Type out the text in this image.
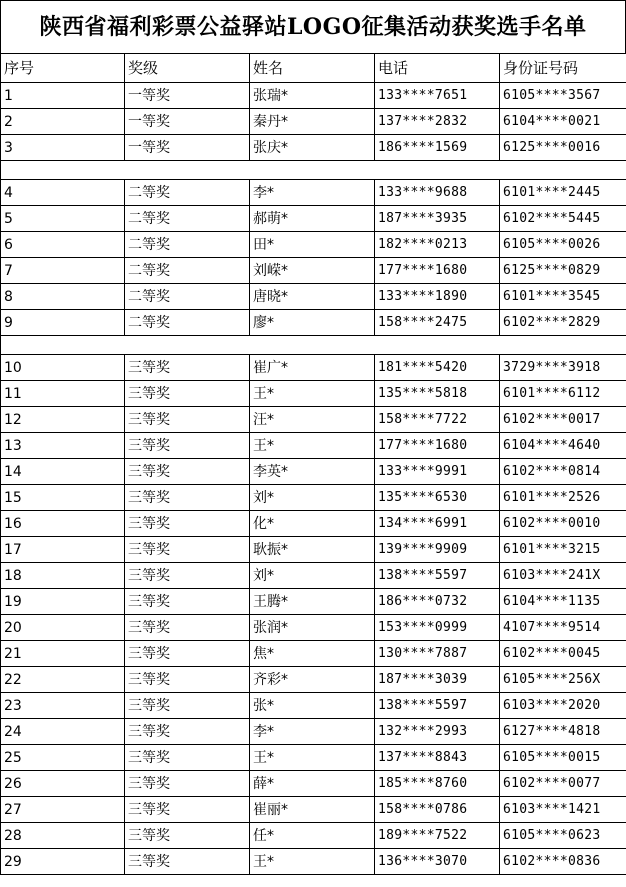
陕西省福利彩票公益驿站LOGO征集活动获奖选手名单
序号	奖级	姓名	电话	身份证号码
1	一等奖	张瑞*	133****7651	6105****3567
2	一等奖	秦丹*	137****2832	6104****0021
3	一等奖	张庆*	186****1569	6125****0016

4	二等奖	李*	133****9688	6101****2445
5	二等奖	郝萌*	187****3935	6102****5445
6	二等奖	田*	182****0213	6105****0026
7	二等奖	刘嵘*	177****1680	6125****0829
8	二等奖	唐晓*	133****1890	6101****3545
9	二等奖	廖*	158****2475	6102****2829

10	三等奖	崔广*	181****5420	3729****3918
11	三等奖	王*	135****5818	6101****6112
12	三等奖	汪*	158****7722	6102****0017
13	三等奖	王*	177****1680	6104****4640
14	三等奖	李英*	133****9991	6102****0814
15	三等奖	刘*	135****6530	6101****2526
16	三等奖	化*	134****6991	6102****0010
17	三等奖	耿振*	139****9909	6101****3215
18	三等奖	刘*	138****5597	6103****241X
19	三等奖	王腾*	186****0732	6104****1135
20	三等奖	张润*	153****0999	4107****9514
21	三等奖	焦*	130****7887	6102****0045
22	三等奖	齐彩*	187****3039	6105****256X
23	三等奖	张*	138****5597	6103****2020
24	三等奖	李*	132****2993	6127****4818
25	三等奖	王*	137****8843	6105****0015
26	三等奖	薛*	185****8760	6102****0077
27	三等奖	崔丽*	158****0786	6103****1421
28	三等奖	任*	189****7522	6105****0623
29	三等奖	王*	136****3070	6102****0836
